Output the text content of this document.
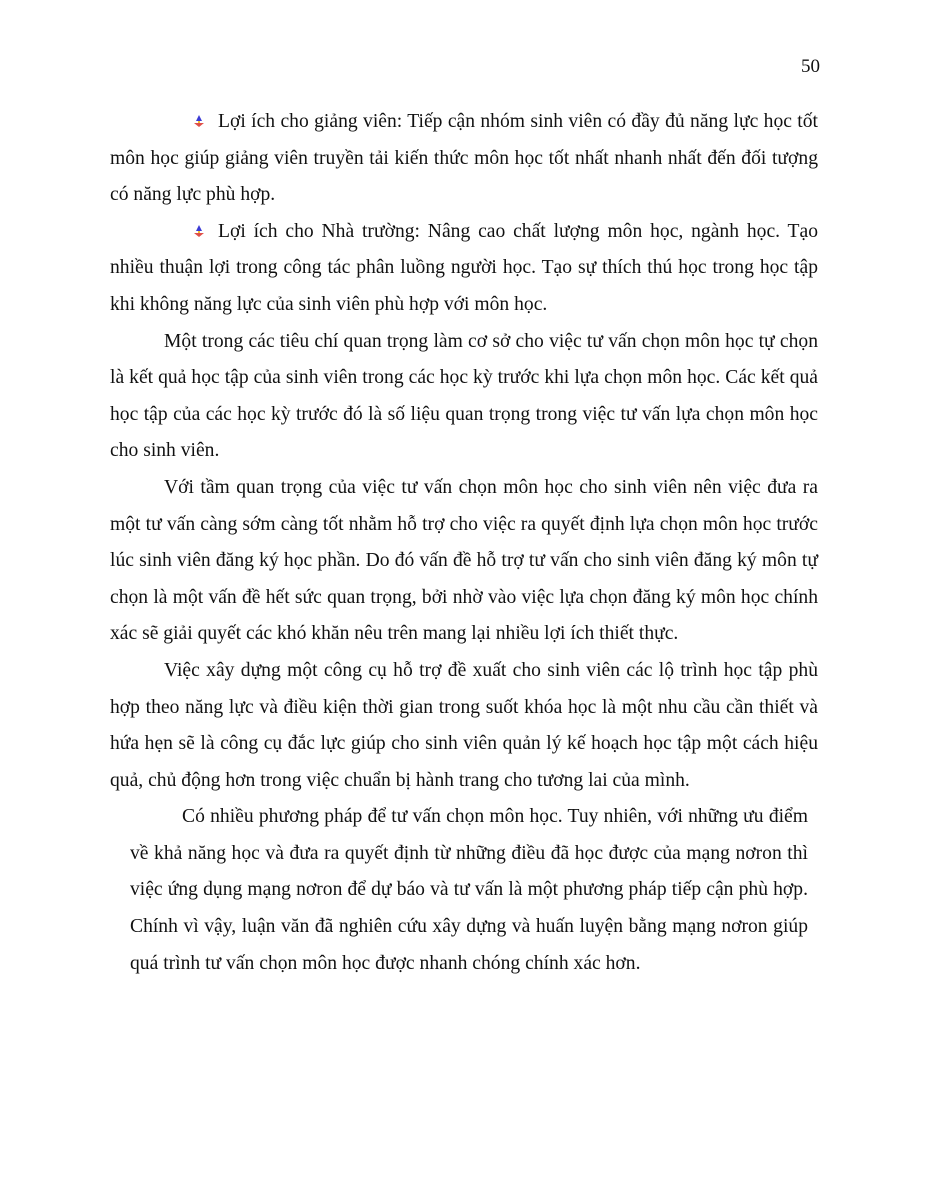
50

Lợi ích cho giảng viên: Tiếp cận nhóm sinh viên có đầy đủ năng lực học tốt môn học giúp giảng viên truyền tải kiến thức môn học tốt nhất nhanh nhất đến đối tượng có năng lực phù hợp.

Lợi ích cho Nhà trường: Nâng cao chất lượng môn học, ngành học. Tạo nhiều thuận lợi trong công tác phân luồng người học. Tạo sự thích thú học trong học tập khi không năng lực của sinh viên phù hợp với môn học.

Một trong các tiêu chí quan trọng làm cơ sở cho việc tư vấn chọn môn học tự chọn là kết quả học tập của sinh viên trong các học kỳ trước khi lựa chọn môn học. Các kết quả học tập của các học kỳ trước đó là số liệu quan trọng trong việc tư vấn lựa chọn môn học cho sinh viên.

Với tầm quan trọng của việc tư vấn chọn môn học cho sinh viên nên việc đưa ra một tư vấn càng sớm càng tốt nhằm hỗ trợ cho việc ra quyết định lựa chọn môn học trước lúc sinh viên đăng ký học phần. Do đó vấn đề hỗ trợ tư vấn cho sinh viên đăng ký môn tự chọn là một vấn đề hết sức quan trọng, bởi nhờ vào việc lựa chọn đăng ký môn học chính xác sẽ giải quyết các khó khăn nêu trên mang lại nhiều lợi ích thiết thực.

Việc xây dựng một công cụ hỗ trợ đề xuất cho sinh viên các lộ trình học tập phù hợp theo năng lực và điều kiện thời gian trong suốt khóa học là một nhu cầu cần thiết và hứa hẹn sẽ là công cụ đắc lực giúp cho sinh viên quản lý kế hoạch học tập một cách hiệu quả, chủ động hơn trong việc chuẩn bị hành trang cho tương lai của mình.

Có nhiều phương pháp để tư vấn chọn môn học. Tuy nhiên, với những ưu điểm về khả năng học và đưa ra quyết định từ những điều đã học được của mạng nơron thì việc ứng dụng mạng nơron để dự báo và tư vấn là một phương pháp tiếp cận phù hợp. Chính vì vậy, luận văn đã nghiên cứu xây dựng và huấn luyện bằng mạng nơron giúp quá trình tư vấn chọn môn học được nhanh chóng chính xác hơn.
